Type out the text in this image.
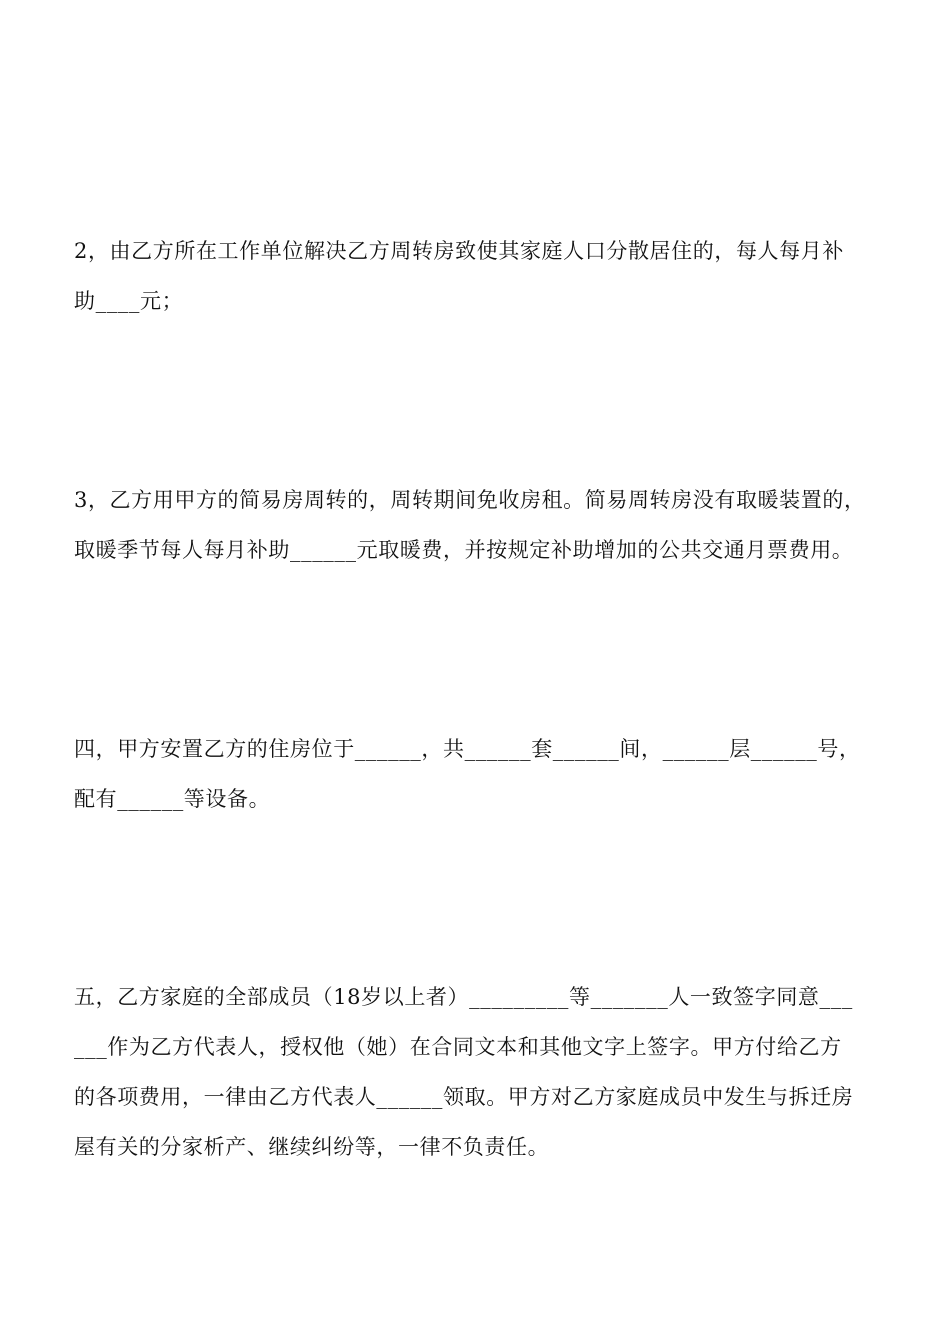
2，由乙方所在工作单位解决乙方周转房致使其家庭人口分散居住的，每人每月补
助____元；

3，乙方用甲方的简易房周转的，周转期间免收房租。简易周转房没有取暖装置的，
取暖季节每人每月补助______元取暖费，并按规定补助增加的公共交通月票费用。

四，甲方安置乙方的住房位于______，共______套______间，______层______号，
配有______等设备。

五，乙方家庭的全部成员（18岁以上者）_________等_______人一致签字同意___
___作为乙方代表人，授权他（她）在合同文本和其他文字上签字。甲方付给乙方
的各项费用，一律由乙方代表人______领取。甲方对乙方家庭成员中发生与拆迁房
屋有关的分家析产、继续纠纷等，一律不负责任。
